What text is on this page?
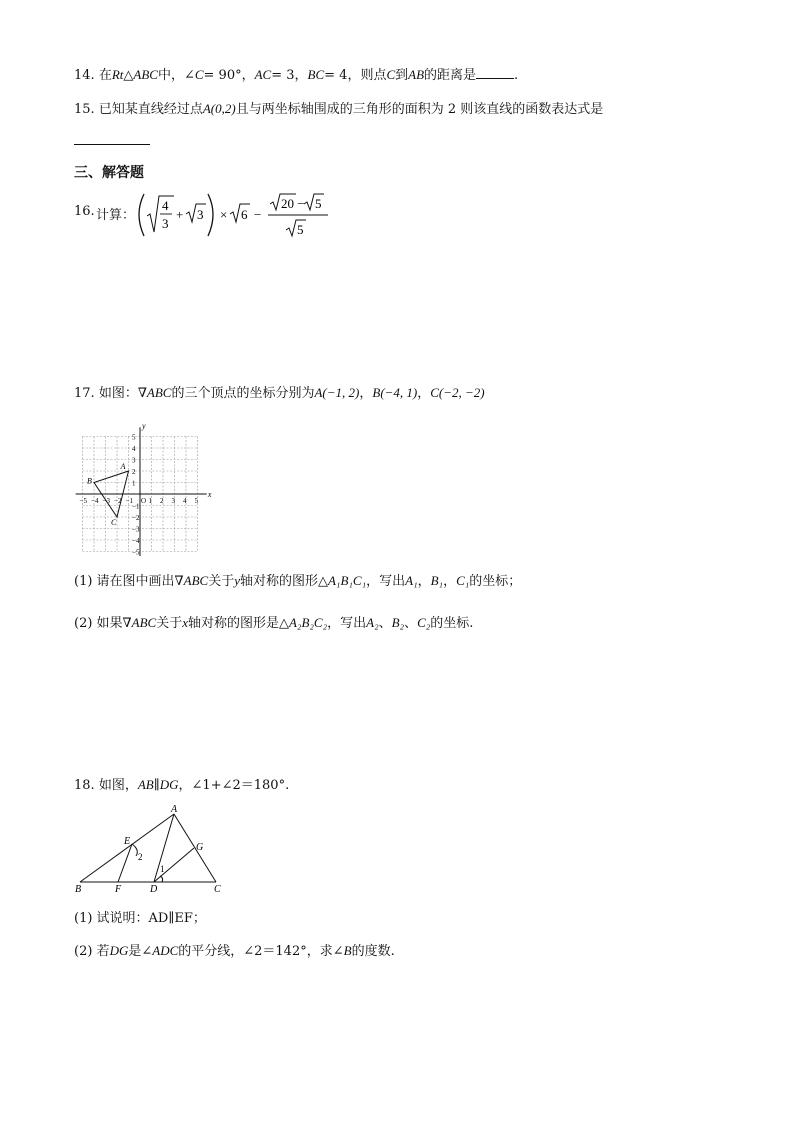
14. 在Rt△ABC中，∠C= 90°，AC= 3，BC= 4，则点C到AB的距离是	.
15. 已知某直线经过点A(0,2)且与两坐标轴围成的三角形的面积为 2 则该直线的函数表达式是
三、解答题
16. 计算：
4
3
+ 3 × 6 −
20 − 5
5
17. 如图：∇ABC的三个顶点的坐标分别为A(−1, 2)，B(−4, 1)，C(−2, −2)
x
y
−5 −4 −3 −2 −1 O 1 2 3 4 5
5
4
3
2
1
−1
−2
−3
−4
−5
A
B
C
(1) 请在图中画出∇ABC关于y轴对称的图形△A₁B₁C₁，写出A₁，B₁，C₁的坐标；
(2) 如果∇ABC关于x轴对称的图形是△A₂B₂C₂，写出A₂、B₂、C₂的坐标.
18. 如图，AB∥DG，∠1+∠2＝180°.
A
B	C
D
E
F
G
1
2
(1) 试说明：AD∥EF；
(2) 若DG是∠ADC的平分线，∠2＝142°，求∠B的度数.
